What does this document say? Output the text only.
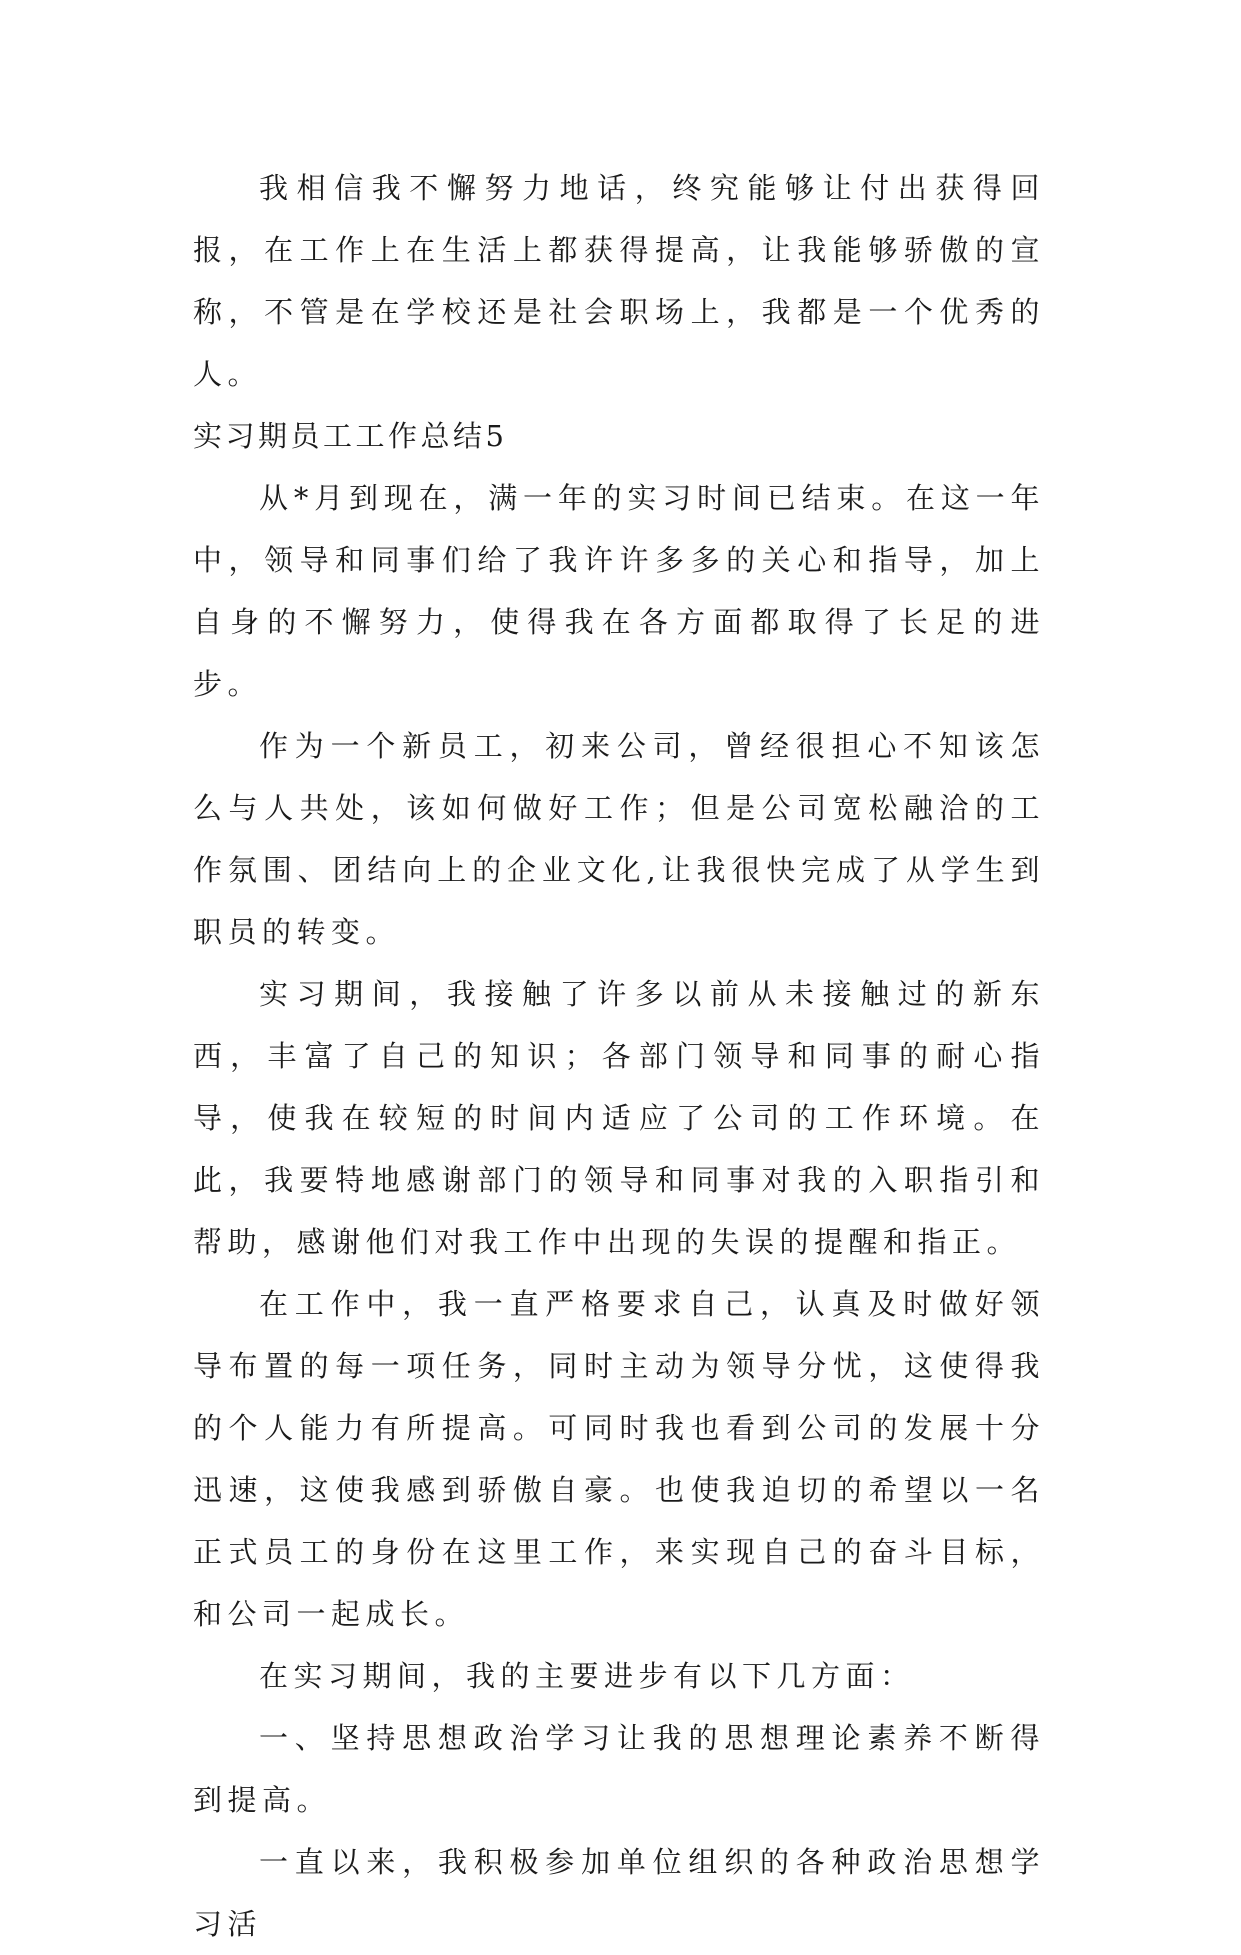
我相信我不懈努力地话，终究能够让付出获得回报，在工作上在生活上都获得提高，让我能够骄傲的宣称，不管是在学校还是社会职场上，我都是一个优秀的人。

实习期员工工作总结5

从*月到现在，满一年的实习时间已结束。在这一年中，领导和同事们给了我许许多多的关心和指导，加上自身的不懈努力，使得我在各方面都取得了长足的进步。

作为一个新员工，初来公司，曾经很担心不知该怎么与人共处，该如何做好工作；但是公司宽松融洽的工作氛围、团结向上的企业文化,让我很快完成了从学生到职员的转变。

实习期间，我接触了许多以前从未接触过的新东西，丰富了自己的知识；各部门领导和同事的耐心指导，使我在较短的时间内适应了公司的工作环境。在此，我要特地感谢部门的领导和同事对我的入职指引和帮助，感谢他们对我工作中出现的失误的提醒和指正。

在工作中，我一直严格要求自己，认真及时做好领导布置的每一项任务，同时主动为领导分忧，这使得我的个人能力有所提高。可同时我也看到公司的发展十分迅速，这使我感到骄傲自豪。也使我迫切的希望以一名正式员工的身份在这里工作，来实现自己的奋斗目标，和公司一起成长。

在实习期间，我的主要进步有以下几方面：

一、坚持思想政治学习让我的思想理论素养不断得到提高。

一直以来，我积极参加单位组织的各种政治思想学习活
